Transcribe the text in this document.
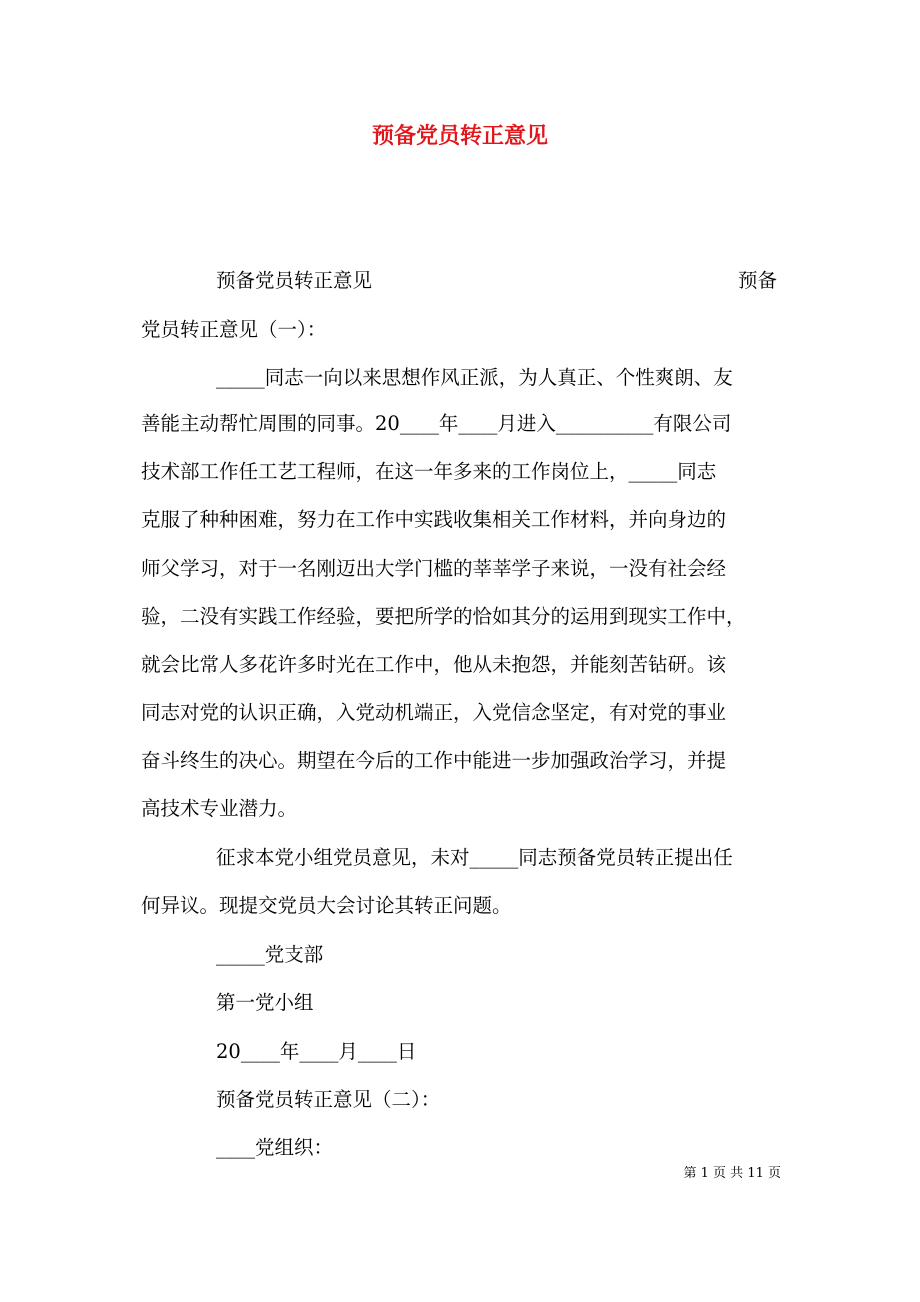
预备党员转正意见
预备党员转正意见	预备
党员转正意见（一）：
_____同志一向以来思想作风正派，为人真正、个性爽朗、友
善能主动帮忙周围的同事。20____年____月进入__________有限公司
技术部工作任工艺工程师，在这一年多来的工作岗位上，_____同志
克服了种种困难，努力在工作中实践收集相关工作材料，并向身边的
师父学习，对于一名刚迈出大学门槛的莘莘学子来说，一没有社会经
验，二没有实践工作经验，要把所学的恰如其分的运用到现实工作中，
就会比常人多花许多时光在工作中，他从未抱怨，并能刻苦钻研。该
同志对党的认识正确，入党动机端正，入党信念坚定，有对党的事业
奋斗终生的决心。期望在今后的工作中能进一步加强政治学习，并提
高技术专业潜力。
征求本党小组党员意见，未对_____同志预备党员转正提出任
何异议。现提交党员大会讨论其转正问题。
_____党支部
第一党小组
20____年____月____日
预备党员转正意见（二）：
____党组织：
第 1 页 共 11 页
